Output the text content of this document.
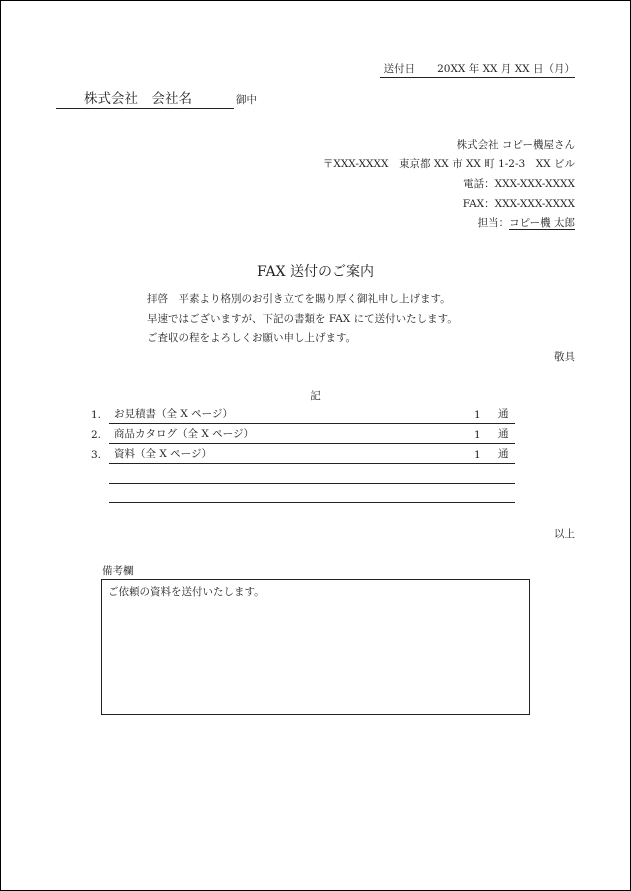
送付日 20XX 年 XX 月 XX 日（月）
株式会社　会社名	御中
株式会社 コピー機屋さん
〒XXX-XXXX　東京都 XX 市 XX 町 1-2-3　XX ビル
電話：XXX-XXX-XXXX
FAX：XXX-XXX-XXXX
担当：コピー機 太郎
FAX 送付のご案内
拝啓　平素より格別のお引き立てを賜り厚く御礼申し上げます。
早速ではございますが、下記の書類を FAX にて送付いたします。
ご査収の程をよろしくお願い申し上げます。
敬具
記
1. お見積書（全 X ページ）	1 通
2. 商品カタログ（全 X ページ）	1 通
3. 資料（全 X ページ）	1 通
以上
備考欄
ご依頼の資料を送付いたします。
